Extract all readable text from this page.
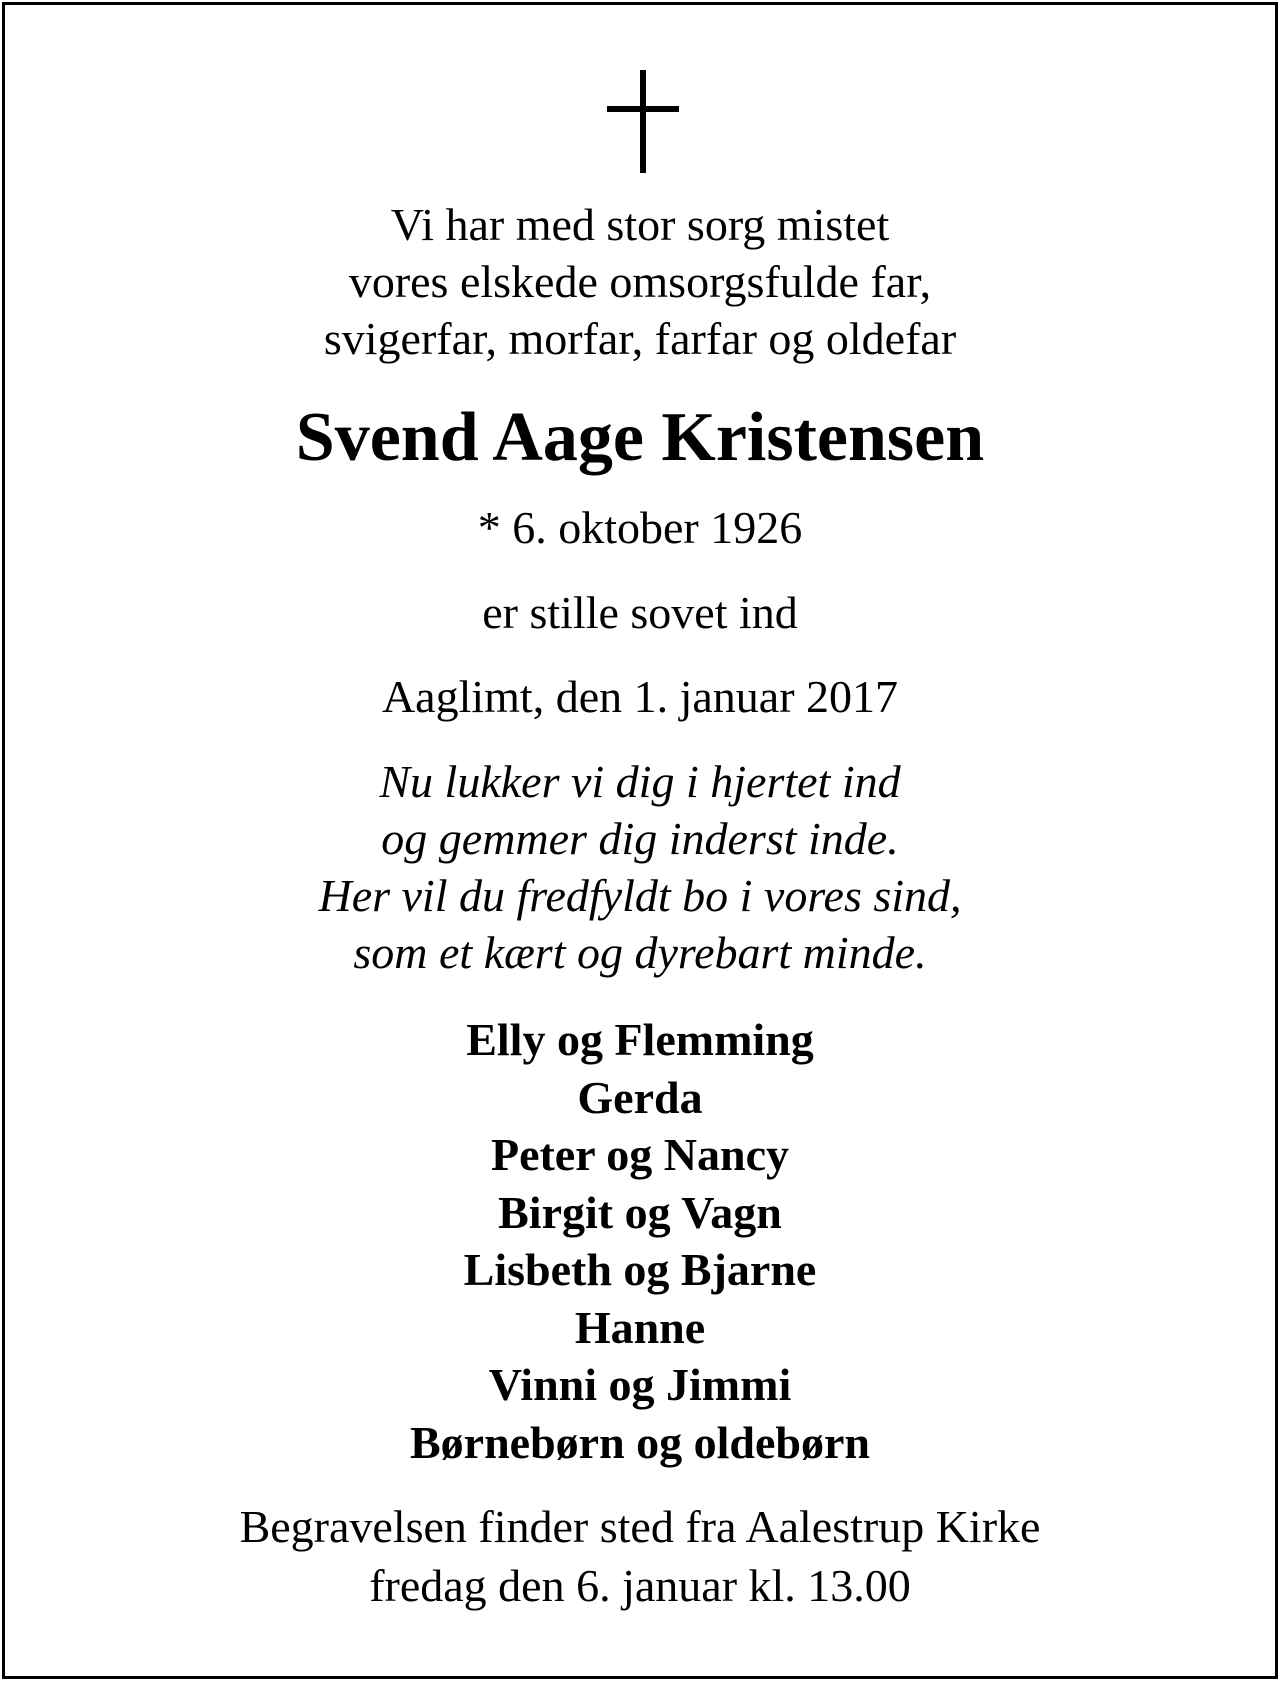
Vi har med stor sorg mistet
vores elskede omsorgsfulde far,
svigerfar, morfar, farfar og oldefar
Svend Aage Kristensen
* 6. oktober 1926
er stille sovet ind
Aaglimt, den 1. januar 2017
Nu lukker vi dig i hjertet ind
og gemmer dig inderst inde.
Her vil du fredfyldt bo i vores sind,
som et kært og dyrebart minde.
Elly og Flemming
Gerda
Peter og Nancy
Birgit og Vagn
Lisbeth og Bjarne
Hanne
Vinni og Jimmi
Børnebørn og oldebørn
Begravelsen finder sted fra Aalestrup Kirke
fredag den 6. januar kl. 13.00
